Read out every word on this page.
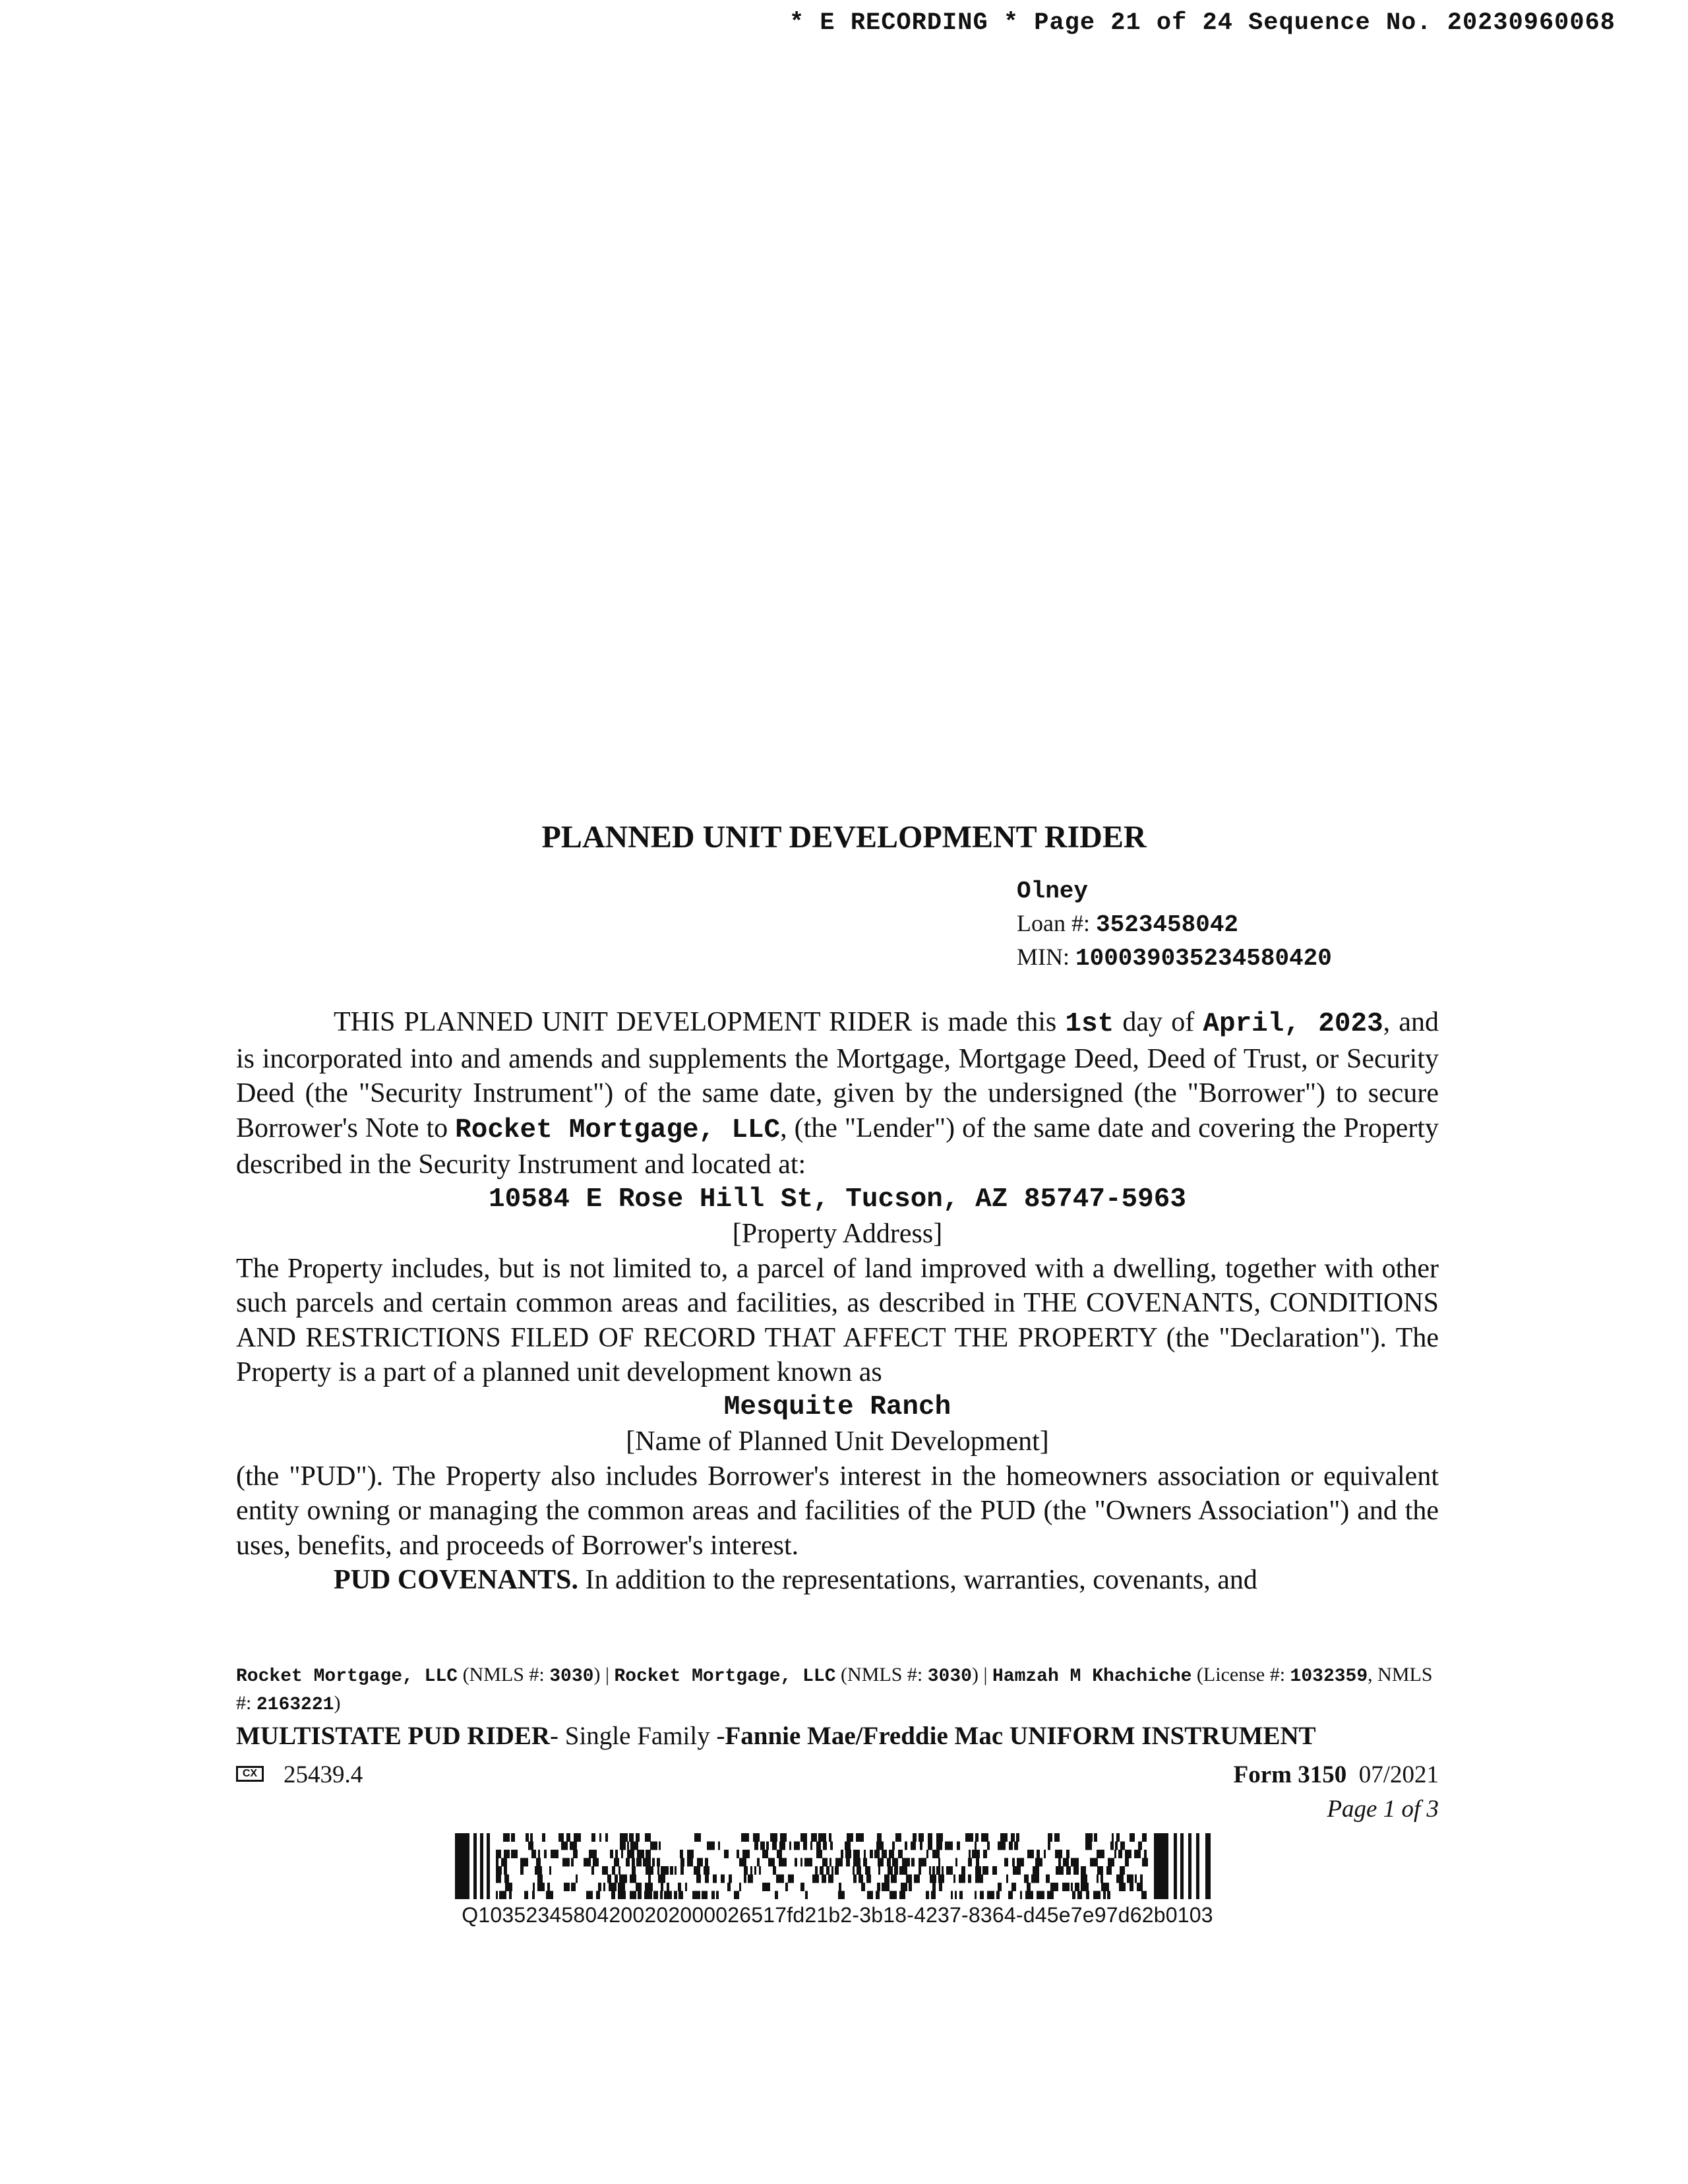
* E RECORDING * Page 21 of 24 Sequence No. 20230960068
PLANNED UNIT DEVELOPMENT RIDER
Olney
Loan #: 3523458042
MIN: 100039035234580420

THIS PLANNED UNIT DEVELOPMENT RIDER is made this 1st day of April, 2023, and is incorporated into and amends and supplements the Mortgage, Mortgage Deed, Deed of Trust, or Security Deed (the "Security Instrument") of the same date, given by the undersigned (the "Borrower") to secure Borrower's Note to Rocket Mortgage, LLC, (the "Lender") of the same date and covering the Property described in the Security Instrument and located at:

10584 E Rose Hill St, Tucson, AZ 85747-5963

[Property Address]

The Property includes, but is not limited to, a parcel of land improved with a dwelling, together with other such parcels and certain common areas and facilities, as described in THE COVENANTS, CONDITIONS AND RESTRICTIONS FILED OF RECORD THAT AFFECT THE PROPERTY (the "Declaration"). The Property is a part of a planned unit development known as

Mesquite Ranch

[Name of Planned Unit Development]

(the "PUD"). The Property also includes Borrower's interest in the homeowners association or equivalent entity owning or managing the common areas and facilities of the PUD (the "Owners Association") and the uses, benefits, and proceeds of Borrower's interest.

PUD COVENANTS. In addition to the representations, warranties, covenants, and

Rocket Mortgage, LLC (NMLS #: 3030) | Rocket Mortgage, LLC (NMLS #: 3030) | Hamzah M Khachiche (License #: 1032359, NMLS #: 2163221)
MULTISTATE PUD RIDER- Single Family -Fannie Mae/Freddie Mac UNIFORM INSTRUMENT
CX 25439.4	Form 3150 07/2021
Page 1 of 3
Q10352345804200202000026517fd21b2-3b18-4237-8364-d45e7e97d62b0103
